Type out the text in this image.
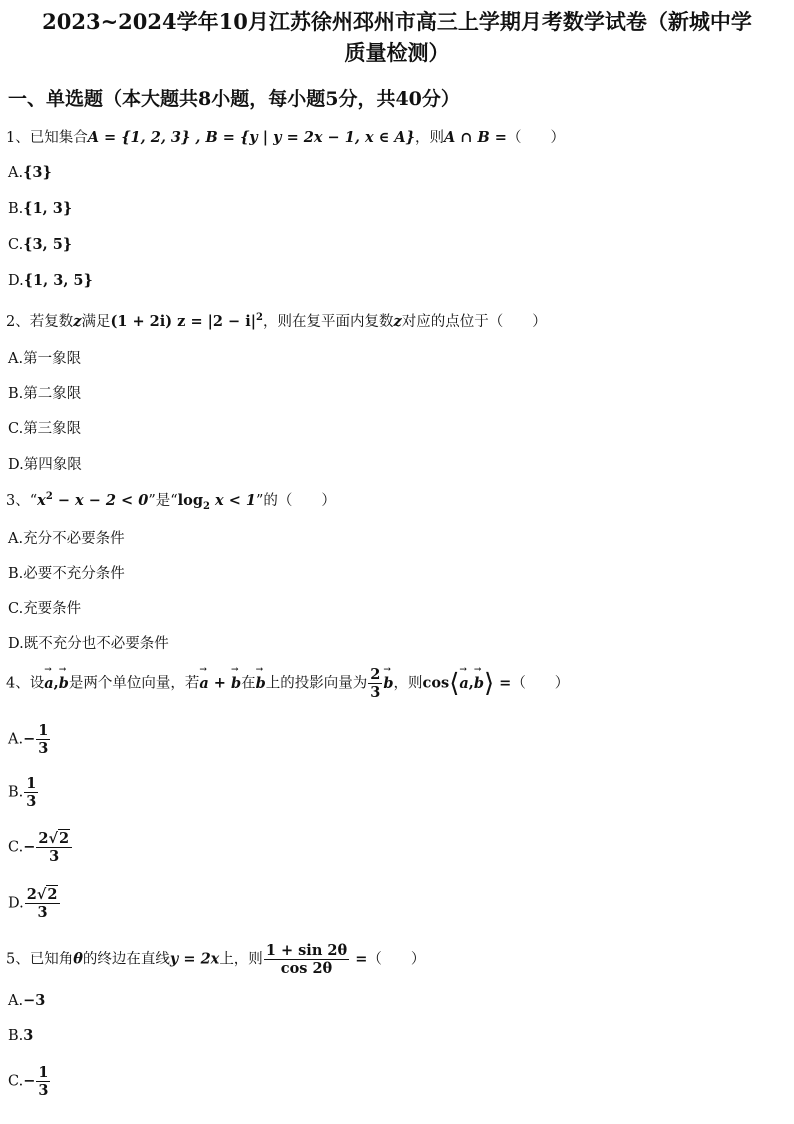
2023~2024学年10月江苏徐州邳州市高三上学期月考数学试卷（新城中学
质量检测）
一、单选题（本大题共8小题，每小题5分，共40分）
1、已知集合A = {1, 2, 3} , B = {y | y = 2x − 1, x ∈ A}，则A ∩ B =（　　）
A.{3}
B.{1, 3}
C.{3, 5}
D.{1, 3, 5}
2、若复数z满足(1 + 2i) $z = |2 - i|^2$，则在复平面内复数z对应的点位于（　　）
A.第一象限
B.第二象限
C.第三象限
D.第四象限
3、“$x^2 - x - 2 < 0$”是“$\log_2$ x < 1”的（　　）
A.充分不必要条件
B.必要不充分条件
C.充要条件
D.既不充分也不必要条件
4、设→ a,→ b是两个单位向量，若→ a + → b在→ b上的投影向量为 $\frac{2}{3}$
→ b，则cos⟨→ a,→ b⟩ =（　　）
$A.- \frac{1}{3}$
B. $\frac{1}{3}$
$C.- \frac{2√2}{3}$
D. $\frac{2√2}{3}$
5、已知角θ的终边在直线y = 2x上，则 $\frac{1 + \sin 2\theta}{\cos 2\theta}$ =（　　）
A.−3
B.3
$C.- \frac{1}{3}$
